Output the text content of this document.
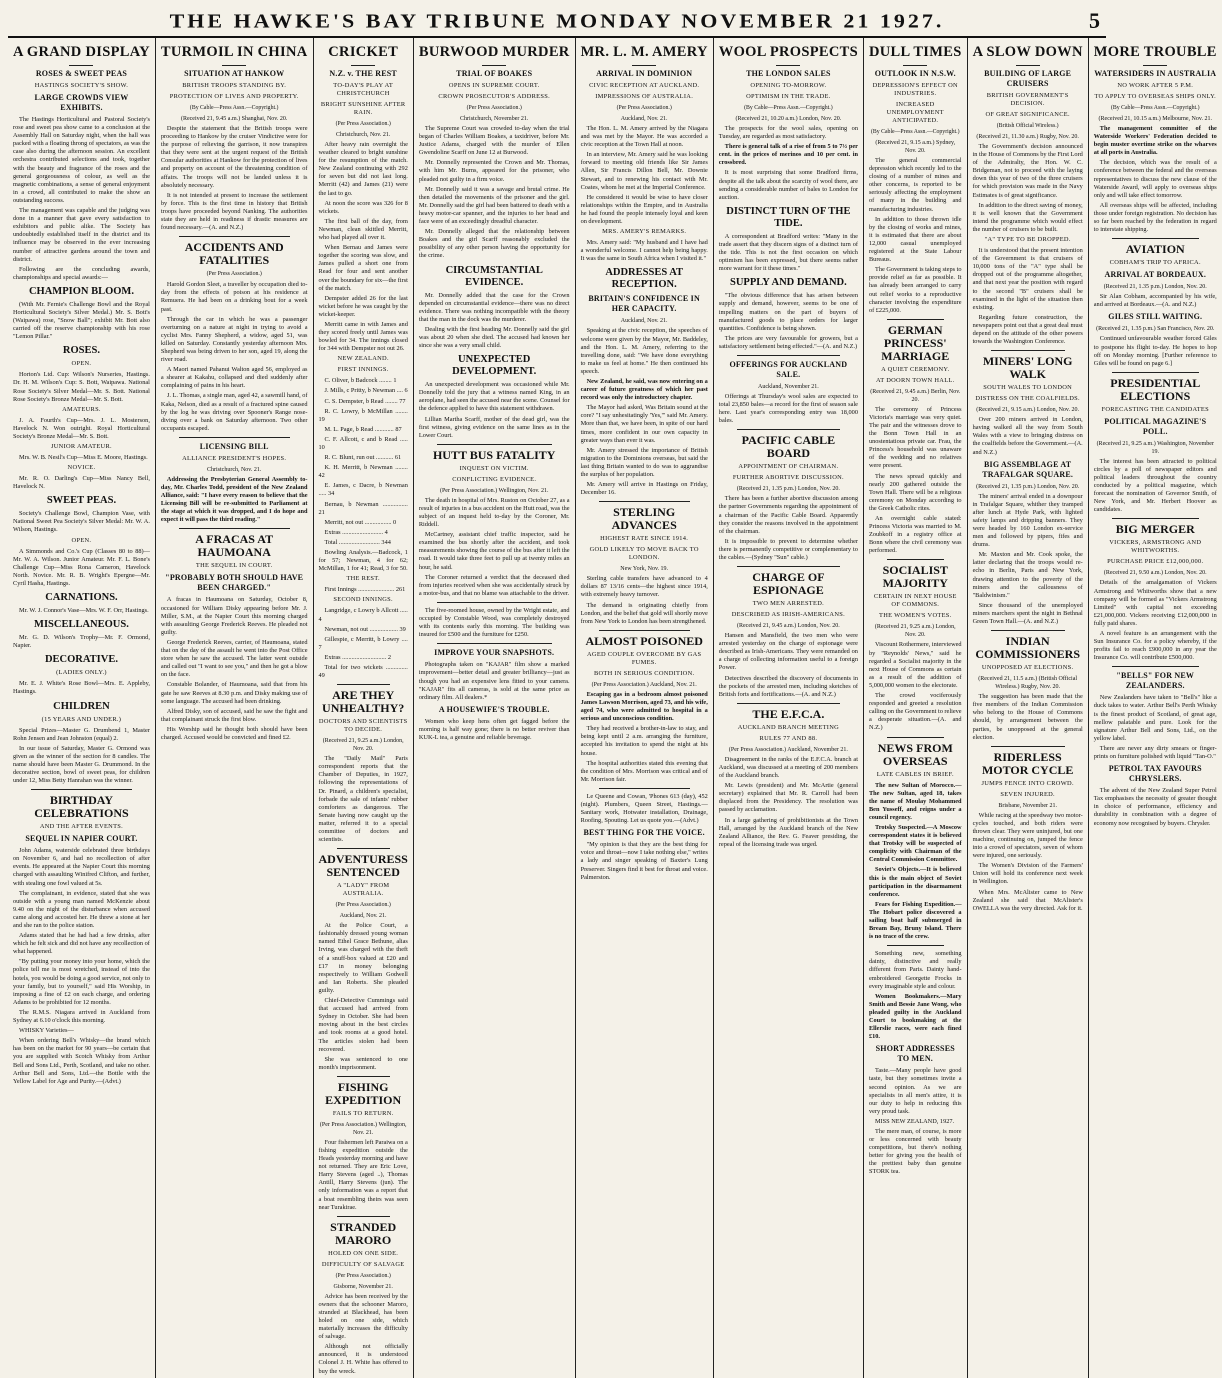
THE HAWKE'S BAY TRIBUNE MONDAY NOVEMBER 21 1927.	5
A GRAND DISPLAY
ROSES & SWEET PEAS
HASTINGS SOCIETY'S SHOW.
LARGE CROWDS VIEW EXHIBITS.

The Hastings Horticultural and Pastoral Society's rose and sweet pea show came to a conclusion at the Assembly Hall on Saturday night, when the hall was packed with a floating throng of spectators, as was the case also during the afternoon session. An excellent orchestra contributed selections and took, together with the beauty and fragrance of the roses and the general gorgeousness of colour, as well as the magnetic combinations, a sense of general enjoyment in a crowd, all contributed to make the show an outstanding success.

The management was capable and the judging was done in a manner that gave every satisfaction to exhibitors and public alike. The Society has undoubtedly established itself in the district and its influence may be observed in the ever increasing number of attractive gardens around the town and district.

Following are the concluding awards, championships and special awards:—

CHAMPION BLOOM.

(With Mr. Fernie's Challenge Bowl and the Royal Horticultural Society's Silver Medal.) Mr. S. Bott's (Waipawa) rose, "Snow Ball"; exhibit Mr. Bott also carried off the reserve championship with his rose "Lemon Pillar."

ROSES.
OPEN.

Horton's Ltd. Cup: Wilson's Nurseries, Hastings. Dr. H. M. Wilson's Cup: S. Bott, Waipawa. National Rose Society's Silver Medal—Mr. S. Bott. National Rose Society's Bronze Medal—Mr. S. Bott.

AMATEURS.

J. A. Fourth's Cup—Mrs. J. L. Mosterson, Havelock N. Won outright. Royal Horticultural Society's Bronze Medal—Mr. S. Bott.

JUNIOR AMATEUR.

Mrs. W. B. Nesil's Cup—Miss E. Moore, Hastings.

NOVICE.

Mr. R. O. Darling's Cup—Miss Nancy Bell, Havelock N.

SWEET PEAS.

Society's Challenge Bowl, Champion Vase, with National Sweet Pea Society's Silver Medal: Mr. W. A. Wilson, Hastings.

OPEN.

A Simmonds and Co.'s Cup (Classes 80 to 88)—Mr. W. A. Wilson. Junior Amateur. Mr. F. L. Bone's Challenge Cup—Miss Rona Cameron, Havelock North. Novice. Mr. R. B. Wright's Epergne—Mr. Cyril Hasha, Hastings.

CARNATIONS.

Mr. W. J. Connor's Vase—Mrs. W. F. Orr, Hastings.

MISCELLANEOUS.

Mr. G. D. Wilson's Trophy—Mr. F. Ormond, Napier.

DECORATIVE.
(LADIES ONLY.)

Mr. E. J. White's Rose Bowl—Mrs. E. Appleby, Hastings.

CHILDREN
(15 YEARS AND UNDER.)

Special Prizes—Master G. Drumbend 1, Master Rohn Jensen and Jean Johnston (equal) 2.

In our issue of Saturday, Master G. Ormond was given as the winner of the section for 8 candles. The name should have been Master G. Drummond. In the decorative section, bowl of sweet peas, for children under 12, Miss Betty Hanrahan was the winner.

BIRTHDAY CELEBRATIONS
AND THE AFTER EVENTS.
SEQUEL IN NAPIER COURT.

John Adams, waterside celebrated three birthdays on November 6, and had no recollection of after events. He appeared at the Napier Court this morning charged with assaulting Winifred Clifton, and further, with stealing one fowl valued at 5s.

The complainant, in evidence, stated that she was outside with a young man named McKenzie about 9.40 on the night of the disturbance when accused came along and accosted her. He threw a stone at her and she ran to the police station.

Adams stated that he had had a few drinks, after which he felt sick and did not have any recollection of what happened.

"By putting your money into your home, which the police tell me is most wretched, instead of into the hotels, you would be doing a good service, not only to your family, but to yourself," said His Worship, in imposing a fine of £2 on each charge, and ordering Adams to be prohibited for 12 months.

The R.M.S. Niagara arrived in Auckland from Sydney at 6.10 o'clock this morning.

WHISKY Varieties—

When ordering Bell's Whisky—the brand which has been on the market for 90 years—be certain that you are supplied with Scotch Whisky from Arthur Bell and Sons Ltd., Perth, Scotland, and take no other. Arthur Bell and Sons, Ltd.—the Bottle with the Yellow Label for Age and Purity.—(Advt.)

TURMOIL IN CHINA
SITUATION AT HANKOW
BRITISH TROOPS STANDING BY.
PROTECTION OF LIVES AND PROPERTY.
(By Cable—Press Assn.—Copyright.)
(Received 21, 9.45 a.m.) Shanghai, Nov. 20.

Despite the statement that the British troops were proceeding to Hankow by the cruiser Vindictive were for the purpose of relieving the garrison, it now transpires that they were sent at the urgent request of the British Consular authorities at Hankow for the protection of lives and property on account of the threatening condition of affairs. The troops will not be landed unless it is absolutely necessary.

It is not intended at present to increase the settlement by force. This is the first time in history that British troops have proceeded beyond Nanking. The authorities state they are held in readiness if drastic measures are found necessary.—(A. and N.Z.)

ACCIDENTS AND FATALITIES
(Per Press Association.)

Harold Gordon Sleet, a traveller by occupation died to-day from the effects of poison at his residence at Remuera. He had been on a drinking bout for a week past.

Through the car in which he was a passenger overturning on a nature at night in trying to avoid a cyclist Mrs. Fanny Shepherd, a widow, aged 51, was killed on Saturday. Constantly yesterday afternoon Mrs. Shepherd was being driven to her son, aged 19, along the river road.

A Maori named Pahanui Walton aged 56, employed as a shearer at Kakahu, collapsed and died suddenly after complaining of pains in his heart.

J. L. Thomas, a single man, aged 42, a sawmill hand, of Kaka, Nelson, died as a result of a fractured spine caused by the log he was driving over Spooner's Range nose-diving over a bank on Saturday afternoon. Two other occupants escaped.

LICENSING BILL
ALLIANCE PRESIDENT'S HOPES.
Christchurch, Nov. 21.

Addressing the Presbyterian General Assembly to-day, Mr. Charles Todd, president of the New Zealand Alliance, said: "I have every reason to believe that the Licensing Bill will be re-submitted to Parliament at the stage at which it was dropped, and I do hope and expect it will pass the third reading."

A FRACAS AT HAUMOANA
THE SEQUEL IN COURT.
"PROBABLY BOTH SHOULD HAVE BEEN CHARGED."

A fracas in Haumoana on Saturday, October 8, occasioned for William Disky appearing before Mr. J. Miller, S.M., at the Napier Court this morning charged with assaulting George Frederick Reeves. He pleaded not guilty.

George Frederick Reeves, carrier, of Haumoana, stated that on the day of the assault he went into the Post Office store when he saw the accused. The latter went outside and called out "I want to see you," and then he got a blow on the face.

Constable Bolander, of Haumoana, said that from his gate he saw Reeves at 8.30 p.m. and Disky making use of some language. The accused had been drinking.

Alfred Disky, son of accused, said he saw the fight and that complainant struck the first blow.

His Worship said he thought both should have been charged. Accused would be convicted and fined £2.

CRICKET
N.Z. v. THE REST
TO-DAY'S PLAY AT CHRISTCHURCH
BRIGHT SUNSHINE AFTER RAIN.
(Per Press Association.)
Christchurch, Nov. 21.

After heavy rain overnight the weather cleared to bright sunshine for the resumption of the match. New Zealand continuing with 292 for seven but did not last long. Merritt (42) and James (21) were the last to go.

At noon the score was 326 for 8 wickets.

The first ball of the day, from Newman, clean skittled Merritt, who had played all over it.

When Bernau and James were together the scoring was slow, and James pulled a short one from Read for four and sent another over the boundary for six—the first of the match.

Dempster added 26 for the last wicket before he was caught by the wicket-keeper.

Merritt came in with James and they scored freely until James was bowled for 34. The innings closed for 344 with Dempster not out 26.

NEW ZEALAND.
FIRST INNINGS.

C. Oliver, b Badcock ........ 1

J. Mills, c Pritty, b Newman .... 6

C. S. Dempster, b Read ........ 77

R. C. Lowry, b McMillan ........ 19

M. L. Page, b Read ............ 87

C. F. Allcott, c and b Read ..... 10

R. C. Blunt, run out ........... 61

K. H. Merritt, b Newman ........ 42

E. James, c Dacre, b Newman ..... 34

Bernau, b Newman ................ 21

Merritt, not out ................. 0

Extras .......................... 4

Total .......................... 344

Bowling Analysis.—Badcock, 1 for 57; Newman, 4 for 62; McMillan, 1 for 41; Read, 3 for 50.

THE REST.

First Innings ....................... 261

SECOND INNINGS.

Langridge, c Lowry b Allcott ..... 4

Newman, not out .................. 39

Gillespie, c Merritt, b Lowry .... 7

Extras ............................ 2

Total for two wickets .............. 49

ARE THEY UNHEALTHY?
DOCTORS AND SCIENTISTS TO DECIDE.
(Received 21, 9.25 a.m.) London, Nov. 20.

The "Daily Mail" Paris correspondent reports that the Chamber of Deputies, in 1927, following the representations of Dr. Pinard, a children's specialist, forbade the sale of infants' rubber comforters as dangerous. The Senate having now caught up the matter, referred it to a special committee of doctors and scientists.

ADVENTURESS SENTENCED
A "LADY" FROM AUSTRALIA.
(Per Press Association.)
Auckland, Nov. 21.

At the Police Court, a fashionably dressed young woman named Ethel Grace Bethune, alias Irving, was charged with the theft of a snuff-box valued at £20 and £17 in money belonging respectively to William Godwell and Ian Roberts. She pleaded guilty.

Chief-Detective Cummings said that accused had arrived from Sydney in October. She had been moving about in the best circles and took rooms at a good hotel. The articles stolen had been recovered.

She was sentenced to one month's imprisonment.

FISHING EXPEDITION
FAILS TO RETURN.
(Per Press Association.) Wellington, Nov. 21.

Four fishermen left Paraiwa on a fishing expedition outside the Heads yesterday morning and have not returned. They are Eric Love, Harry Stevens (aged ..), Thomas Antill, Harry Stevens (jun). The only information was a report that a boat resembling theirs was seen near Turakirae.

STRANDED MARORO
HOLED ON ONE SIDE.
DIFFICULTY OF SALVAGE
(Per Press Association.)
Gisborne, November 21.

Advice has been received by the owners that the schooner Maroro, stranded at Blackhead, has been holed on one side, which materially increases the difficulty of salvage.

Although not officially announced, it is understood Colonel J. H. White has offered to buy the wreck.

BURWOOD MURDER
TRIAL OF BOAKES
OPENS IN SUPREME COURT.
CROWN PROSECUTOR'S ADDRESS.
(Per Press Association.)
Christchurch, November 21.

The Supreme Court was crowded to-day when the trial began of Charles William Boakes, a taxidriver, before Mr. Justice Adams, charged with the murder of Ellen Gwendoline Scarff on June 12 at Burwood.

Mr. Donnelly represented the Crown and Mr. Thomas, with him Mr. Burns, appeared for the prisoner, who pleaded not guilty in a firm voice.

Mr. Donnelly said it was a savage and brutal crime. He then detailed the movements of the prisoner and the girl. Mr. Donnelly said the girl had been battered to death with a heavy motor-car spanner, and the injuries to her head and face were of an exceedingly dreadful character.

Mr. Donnelly alleged that the relationship between Boakes and the girl Scarff reasonably excluded the possibility of any other person having the opportunity for the crime.

CIRCUMSTANTIAL EVIDENCE.

Mr. Donnelly added that the case for the Crown depended on circumstantial evidence—there was no direct evidence. There was nothing incompatible with the theory that the man in the dock was the murderer.

Dealing with the first heading Mr. Donnelly said the girl was about 20 when she died. The accused had known her since she was a very small child.

UNEXPECTED DEVELOPMENT.

An unexpected development was occasioned while Mr. Donnelly told the jury that a witness named King, in an aeroplane, had seen the accused near the scene. Counsel for the defence applied to have this statement withdrawn.

Lillian Martha Scarff, mother of the dead girl, was the first witness, giving evidence on the same lines as in the Lower Court.

HUTT BUS FATALITY
INQUEST ON VICTIM.
CONFLICTING EVIDENCE.
(Per Press Association.) Wellington, Nov. 21.

The death in hospital of Mrs. Ruston on October 27, as a result of injuries in a bus accident on the Hutt road, was the subject of an inquest held to-day by the Coroner, Mr. Riddell.

McCartney, assistant chief traffic inspector, said he examined the bus shortly after the accident, and took measurements showing the course of the bus after it left the road. It would take three feet to pull up at twenty miles an hour, he said.

The Coroner returned a verdict that the deceased died from injuries received when she was accidentally struck by a motor-bus, and that no blame was attachable to the driver.

The five-roomed house, owned by the Wright estate, and occupied by Constable Wood, was completely destroyed with its contents early this morning. The building was insured for £500 and the furniture for £250.

IMPROVE YOUR SNAPSHOTS.

Photographs taken on "KAJAR" film show a marked improvement—better detail and greater brilliancy—just as though you had an expensive lens fitted to your camera. "KAJAR" fits all cameras, is sold at the same price as ordinary film. All dealers.*

A HOUSEWIFE'S TROUBLE.

Women who keep hens often get fagged before the morning is half way gone; there is no better reviver than KUK-L tea, a genuine and reliable beverage.

MR. L. M. AMERY
ARRIVAL IN DOMINION
CIVIC RECEPTION AT AUCKLAND.
IMPRESSIONS OF AUSTRALIA.
(Per Press Association.)
Auckland, Nov. 21.

The Hon. L. M. Amery arrived by the Niagara and was met by the Mayor. He was accorded a civic reception at the Town Hall at noon.

In an interview, Mr. Amery said he was looking forward to meeting old friends like Sir James Allen, Sir Francis Dillon Bell, Mr. Downie Stewart, and to renewing his contact with Mr. Coates, whom he met at the Imperial Conference.

He considered it would be wise to have closer relationships within the Empire, and in Australia he had found the people intensely loyal and keen on development.

MRS. AMERY'S REMARKS.

Mrs. Amery said: "My husband and I have had a wonderful welcome. I cannot help being happy. It was the same in South Africa when I visited it."

ADDRESSES AT RECEPTION.
BRITAIN'S CONFIDENCE IN HER CAPACITY.
Auckland, Nov. 21.

Speaking at the civic reception, the speeches of welcome were given by the Mayor, Mr. Baddeley, and the Hon. L. M. Amery, referring to the travelling done, said: "We have done everything to make us feel at home." He then continued his speech.

New Zealand, he said, was now entering on a career of future greatness of which her past record was only the introductory chapter.

The Mayor had asked, Was Britain sound at the core? "I say unhesitatingly 'Yes,'" said Mr. Amery. More than that, we have been, in spite of our hard times, more confident in our own capacity in greater ways than ever it was.

Mr. Amery stressed the importance of British migration to the Dominions overseas, but said the last thing Britain wanted to do was to aggrandise the surplus of her population.

Mr. Amery will arrive in Hastings on Friday, December 16.

STERLING ADVANCES
HIGHEST RATE SINCE 1914.
GOLD LIKELY TO MOVE BACK TO LONDON.
New York, Nov. 19.

Sterling cable transfers have advanced to 4 dollars 87 13/16 cents—the highest since 1914, with extremely heavy turnover.

The demand is originating chiefly from London, and the belief that gold will shortly move from New York to London has been strengthened.

ALMOST POISONED
AGED COUPLE OVERCOME BY GAS FUMES.
BOTH IN SERIOUS CONDITION.
(Per Press Association.) Auckland, Nov. 21.

Escaping gas in a bedroom almost poisoned James Lawson Morrison, aged 73, and his wife, aged 74, who were admitted to hospital in a serious and unconscious condition.

They had received a brother-in-law to stay, and being kept until 2 a.m. arranging the furniture, accepted his invitation to spend the night at his house.

The hospital authorities stated this evening that the condition of Mrs. Morrison was critical and of Mr. Morrison fair.

Le Queene and Cowan, 'Phones 613 (day), 452 (night). Plumbers, Queen Street, Hastings.—Sanitary work, Hotwater installation, Drainage, Roofing, Spouting. Let us quote you.—(Advt.)

BEST THING FOR THE VOICE.

"My opinion is that they are the best thing for voice and throat—now I take nothing else," writes a lady and singer speaking of Baxter's Lung Preserver. Singers find it best for throat and voice. Palmerston.

WOOL PROSPECTS
THE LONDON SALES
OPENING TO-MORROW.
OPTIMISM IN THE TRADE.
(By Cable—Press Assn.—Copyright.)
(Received 21, 10.20 a.m.) London, Nov. 20.

The prospects for the wool sales, opening on Tuesday, are regarded as most satisfactory.

There is general talk of a rise of from 5 to 7½ per cent. in the prices of merinos and 10 per cent. in crossbred.

It is most surprising that some Bradford firms, despite all the talk about the scarcity of wool there, are sending a considerable number of bales to London for auction.

DISTINCT TURN OF THE TIDE.

A correspondent at Bradford writes: "Many in the trade assert that they discern signs of a distinct turn of the tide. This is not the first occasion on which optimism has been expressed, but there seems rather more warrant for it these times."

SUPPLY AND DEMAND.

"The obvious difference that has arisen between supply and demand, however, seems to be one of impelling matters on the part of buyers of manufactured goods to place orders for larger quantities. Confidence is being shown.

The prices are very favourable for growers, but a satisfactory settlement being effected."—(A. and N.Z.)

OFFERINGS FOR AUCKLAND SALE.
Auckland, November 21.

Offerings at Thursday's wool sales are expected to total 23,850 bales—a record for the first of season sale here. Last year's corresponding entry was 18,000 bales.

PACIFIC CABLE BOARD
APPOINTMENT OF CHAIRMAN.
FURTHER ABORTIVE DISCUSSION.
(Received 21, 1.35 p.m.) London, Nov. 20.

There has been a further abortive discussion among the partner Governments regarding the appointment of a chairman of the Pacific Cable Board. Apparently they consider the reasons involved in the appointment of the chairman.

It is impossible to prevent to determine whether there is permanently competitive or complementary to the cables.—(Sydney "Sun" cable.)

CHARGE OF ESPIONAGE
TWO MEN ARRESTED.
DESCRIBED AS IRISH-AMERICANS.
(Received 21, 9.45 a.m.) London, Nov. 20.

Hansen and Mansfield, the two men who were arrested yesterday on the charge of espionage were described as Irish-Americans. They were remanded on a charge of collecting information useful to a foreign Power.

Detectives described the discovery of documents in the pockets of the arrested men, including sketches of British forts and fortifications.—(A. and N.Z.)

THE E.F.C.A.
AUCKLAND BRANCH MEETING
RULES 77 AND 88.
(Per Press Association.) Auckland, November 21.

Disagreement in the ranks of the E.F.C.A. branch at Auckland, was discussed at a meeting of 200 members of the Auckland branch.

Mr. Lewis (president) and Mr. McArtie (general secretary) explained that Mr. R. Carroll had been displaced from the Presidency. The resolution was passed by acclamation.

In a large gathering of prohibitionists at the Town Hall, arranged by the Auckland branch of the New Zealand Alliance, the Rev. G. Feaver presiding, the repeal of the licensing trade was urged.

DULL TIMES
OUTLOOK IN N.S.W.
DEPRESSION'S EFFECT ON INDUSTRIES.
INCREASED UNEMPLOYMENT ANTICIPATED.
(By Cable—Press Assn.—Copyright.)
(Received 21, 9.15 a.m.) Sydney, Nov. 20.

The general commercial depression which recently led to the closing of a number of mines and other concerns, is reported to be seriously affecting the employment of many in the building and manufacturing industries.

In addition to those thrown idle by the closing of works and mines, it is estimated that there are about 12,000 casual unemployed registered at the State Labour Bureaus.

The Government is taking steps to provide relief as far as possible. It has already been arranged to carry out relief works to a reproductive character involving the expenditure of £225,000.

GERMAN PRINCESS' MARRIAGE
A QUIET CEREMONY.
AT DOORN TOWN HALL.
(Received 21, 9.45 a.m.) Berlin, Nov. 20.

The ceremony of Princess Victoria's marriage was very quiet. The pair and the witnesses drove to the Bonn Town Hall in an unostentatious private car. Frau, the Princess's household was unaware of the wedding and no relatives were present.

The news spread quickly and nearly 200 gathered outside the Town Hall. There will be a religious ceremony on Monday according to the Greek Catholic rites.

An overnight cable stated: Princess Victoria was married to M. Zoubkoff in a registry office at Bonn where the civil ceremony was performed.

SOCIALIST MAJORITY
CERTAIN IN NEXT HOUSE OF COMMONS.
THE WOMEN'S VOTES.
(Received 21, 9.25 a.m.) London, Nov. 20.

Viscount Rothermere, interviewed by "Reynolds' News," said he regarded a Socialist majority in the next House of Commons as certain as a result of the addition of 5,000,000 women to the electorate.

The crowd vociferously responded and greeted a resolution calling on the Government to relieve a desperate situation.—(A. and N.Z.)

NEWS FROM OVERSEAS
LATE CABLES IN BRIEF.

The new Sultan of Morocco.—The new Sultan, aged 18, takes the name of Moulay Mohammed Ben Yusseff, and reigns under a council regency.

Trotsky Suspected.—A Moscow correspondent states it is believed that Trotsky will be suspected of complicity with Chairman of the Central Commission Committee.

Soviet's Objects.—It is believed this is the main object of Soviet participation in the disarmament conference.

Fears for Fishing Expedition.—The Hobart police discovered a sailing boat half submerged in Bream Bay, Bruny Island. There is no trace of the crew.

Something new, something dainty, distinctive and really different from Paris. Dainty hand-embroidered Georgette Frocks in every imaginable style and colour.

Women Bookmakers.—Mary Smith and Bessie Jane Wong, who pleaded guilty in the Auckland Court to bookmaking at the Ellerslie races, were each fined £10.

SHORT ADDRESSES TO MEN.

Taste.—Many people have good taste, but they sometimes invite a second opinion. As we are specialists in all men's attire, it is our duty to help in reducing this very proud task.

MISS NEW ZEALAND, 1927.

The mere man, of course, is more or less concerned with beauty competitions, but there's nothing better for giving you the health of the prettiest baby than genuine STORK tea.

A SLOW DOWN
BUILDING OF LARGE CRUISERS
BRITISH GOVERNMENT'S DECISION.
OF GREAT SIGNIFICANCE.
(British Official Wireless.)
(Received 21, 11.30 a.m.) Rugby, Nov. 20.

The Government's decision announced in the House of Commons by the First Lord of the Admiralty, the Hon. W. C. Bridgeman, not to proceed with the laying down this year of two of the three cruisers for which provision was made in the Navy Estimates is of great significance.

In addition to the direct saving of money, it is well known that the Government intend the programme which would effect the number of cruisers to be built.

"A" TYPE TO BE DROPPED.

It is understood that the present intention of the Government is that cruisers of 10,000 tons of the "A" type shall be dropped out of the programme altogether, and that next year the position with regard to the second "B" cruisers shall be examined in the light of the situation then existing.

Regarding future construction, the newspapers point out that a great deal must depend on the attitude of the other powers towards the Washington Conference.

MINERS' LONG WALK
SOUTH WALES TO LONDON
DISTRESS ON THE COALFIELDS.
(Received 21, 9.15 a.m.) London, Nov. 20.

Over 200 miners arrived in London, having walked all the way from South Wales with a view to bringing distress on the coalfields before the Government.—(A. and N.Z.)

BIG ASSEMBLAGE AT TRAFALGAR SQUARE.
(Received 21, 1.35 p.m.) London, Nov. 20.

The miners' arrival ended in a downpour in Trafalgar Square, whither they tramped after lunch at Hyde Park, with lighted safety lamps and dripping banners. They were headed by 160 London ex-service men and followed by pipers, fifes and drums.

Mr. Maxton and Mr. Cook spoke, the latter declaring that the troops would re-echo in Berlin, Paris and New York, drawing attention to the poverty of the miners and the callousness of "Baldwinism."

Since thousand of the unemployed miners marchers spent the night in Bethnal Green Town Hall.—(A. and N.Z.)

INDIAN COMMISSIONERS
UNOPPOSED AT ELECTIONS.
(Received 21, 11.5 a.m.) (British Official Wireless.) Rugby, Nov. 20.

The suggestion has been made that the five members of the Indian Commission who belong to the House of Commons should, by arrangement between the parties, be unopposed at the general election.

RIDERLESS MOTOR CYCLE
JUMPS FENCE INTO CROWD.
SEVEN INJURED.
Brisbane, November 21.

While racing at the speedway two motor-cycles touched, and both riders were thrown clear. They were uninjured, but one machine, continuing on, jumped the fence into a crowd of spectators, seven of whom were injured, one seriously.

The Women's Division of the Farmers' Union will hold its conference next week in Wellington.

When Mrs. McAlister came to New Zealand she said that McAlister's OWELLA was the very directed. Ask for it.

MORE TROUBLE
WATERSIDERS IN AUSTRALIA
NO WORK AFTER 5 P.M.
TO APPLY TO OVERSEAS SHIPS ONLY.
(By Cable—Press Assn.—Copyright.)
(Received 21, 10.15 a.m.) Melbourne, Nov. 21.

The management committee of the Waterside Workers' Federation decided to begin muster overtime strike on the wharves at all ports in Australia.

The decision, which was the result of a conference between the federal and the overseas representatives to discuss the new clause of the Waterside Award, will apply to overseas ships only and will take effect tomorrow.

All overseas ships will be affected, including those under foreign registration. No decision has so far been reached by the federation in regard to interstate shipping.

AVIATION
COBHAM'S TRIP TO AFRICA.
ARRIVAL AT BORDEAUX.
(Received 21, 1.35 p.m.) London, Nov. 20.

Sir Alan Cobham, accompanied by his wife, and arrived at Bordeaux.—(A. and N.Z.)

GILES STILL WAITING.
(Received 21, 1.35 p.m.) San Francisco, Nov. 20.

Continued unfavourable weather forced Giles to postpone his flight to-day. He hopes to hop off on Monday morning. [Further reference to Giles will be found on page 6.]

PRESIDENTIAL ELECTIONS
FORECASTING THE CANDIDATES
POLITICAL MAGAZINE'S POLL.
(Received 21, 9.25 a.m.) Washington, November 19.

The interest has been attracted to political circles by a poll of newspaper editors and political leaders throughout the country conducted by a political magazine, which forecast the nomination of Governor Smith, of New York, and Mr. Herbert Hoover as candidates.

BIG MERGER
VICKERS, ARMSTRONG AND WHITWORTHS.
PURCHASE PRICE £12,000,000.
(Received 21, 9.50 a.m.) London, Nov. 20.

Details of the amalgamation of Vickers Armstrong and Whitworths show that a new company will be formed as "Vickers Armstrong Limited" with capital not exceeding £21,000,000. Vickers receiving £12,000,000 in fully paid shares.

A novel feature is an arrangement with the Sun Insurance Co. for a policy whereby, if the profits fail to reach £900,000 in any year the Insurance Co. will contribute £500,000.

"BELLS" FOR NEW ZEALANDERS.

New Zealanders have taken to "Bell's" like a duck takes to water. Arthur Bell's Perth Whisky is the finest product of Scotland, of great age, mellow palatable and pure. Look for the signature Arthur Bell and Sons, Ltd., on the yellow label.

There are never any dirty smears or finger-prints on furniture polished with liquid "Tan-O."

PETROL TAX FAVOURS CHRYSLERS.

The advent of the New Zealand Super Petrol Tax emphasises the necessity of greater thought in choice of performance, efficiency and durability in combination with a degree of economy now recognised by buyers. Chrysler.
